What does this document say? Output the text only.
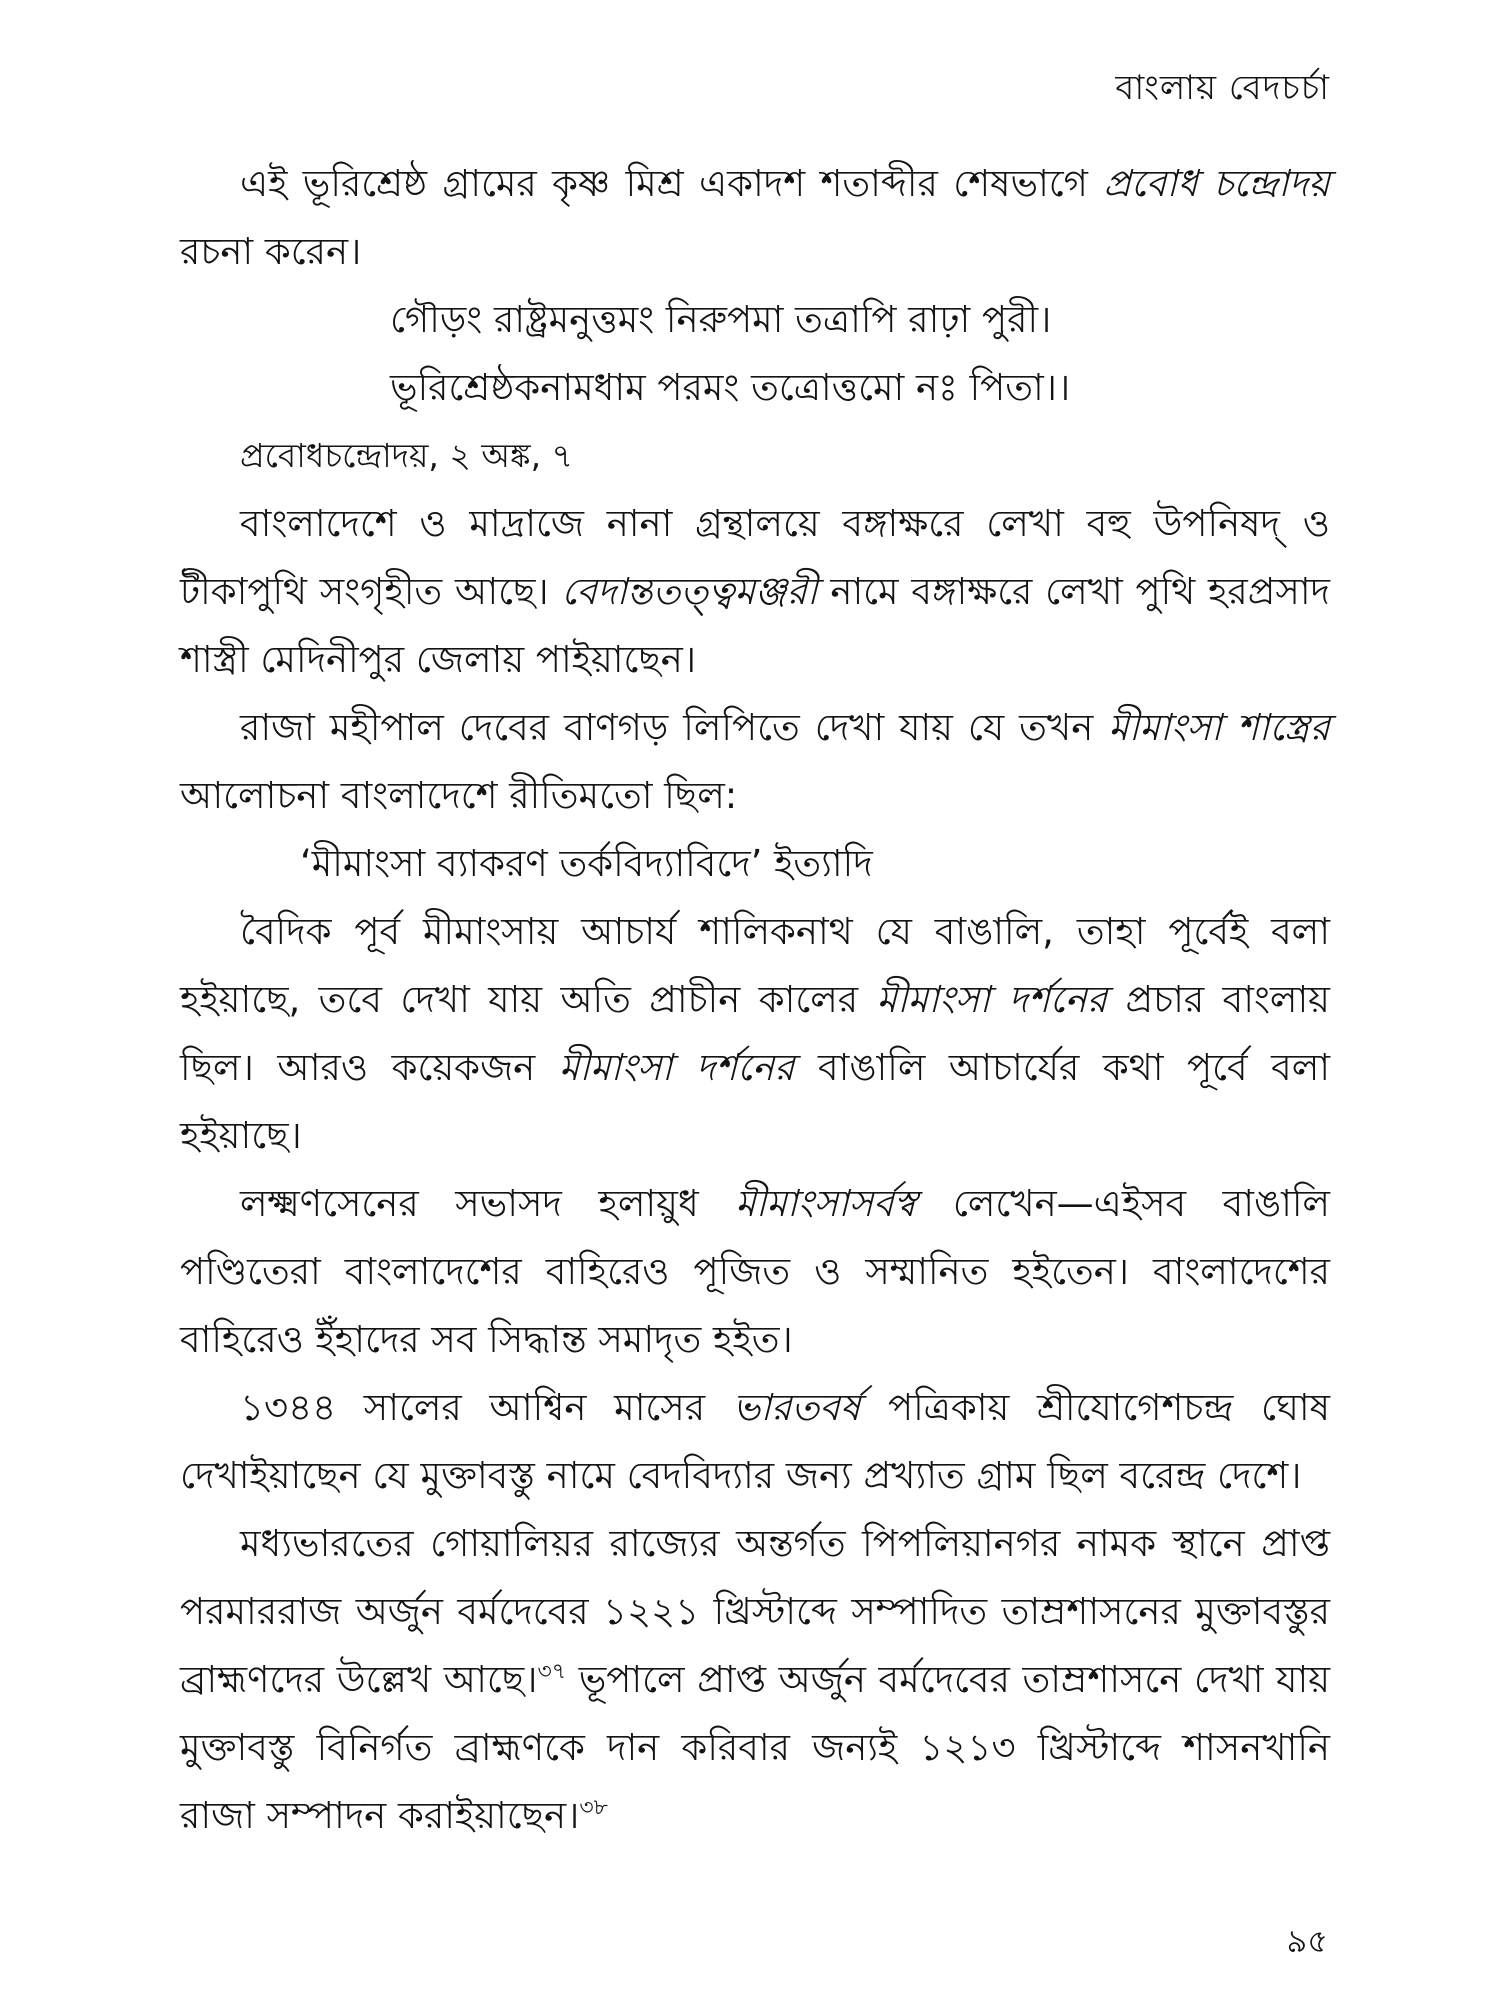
বাংলায় বেদচর্চা

এই ভূরিশ্রেষ্ঠ গ্রামের কৃষ্ণ মিশ্র একাদশ শতাব্দীর শেষভাগে প্রবোধ চন্দ্রোদয় রচনা করেন।

গৌড়ং রাষ্ট্রমনুত্তমং নিরুপমা তত্রাপি রাঢ়া পুরী।

ভূরিশ্রেষ্ঠকনামধাম পরমং তত্রোত্তমো নঃ পিতা।।

প্রবোধচন্দ্রোদয়, ২ অঙ্ক, ৭

বাংলাদেশে ও মাদ্রাজে নানা গ্রন্থালয়ে বঙ্গাক্ষরে লেখা বহু উপনিষদ্ ও টীকাপুথি সংগৃহীত আছে। বেদান্ততত্ত্বমঞ্জরী নামে বঙ্গাক্ষরে লেখা পুথি হরপ্রসাদ শাস্ত্রী মেদিনীপুর জেলায় পাইয়াছেন।

রাজা মহীপাল দেবের বাণগড় লিপিতে দেখা যায় যে তখন মীমাংসা শাস্ত্রের আলোচনা বাংলাদেশে রীতিমতো ছিল:

‘মীমাংসা ব্যাকরণ তর্কবিদ্যাবিদে’ ইত্যাদি

বৈদিক পূর্ব মীমাংসায় আচার্য শালিকনাথ যে বাঙালি, তাহা পূর্বেই বলা হইয়াছে, তবে দেখা যায় অতি প্রাচীন কালের মীমাংসা দর্শনের প্রচার বাংলায় ছিল। আরও কয়েকজন মীমাংসা দর্শনের বাঙালি আচার্যের কথা পূর্বে বলা হইয়াছে।

লক্ষ্মণসেনের সভাসদ হলায়ুধ মীমাংসাসর্বস্ব লেখেন—এইসব বাঙালি পণ্ডিতেরা বাংলাদেশের বাহিরেও পূজিত ও সম্মানিত হইতেন। বাংলাদেশের বাহিরেও ইঁহাদের সব সিদ্ধান্ত সমাদৃত হইত।

১৩৪৪ সালের আশ্বিন মাসের ভারতবর্ষ পত্রিকায় শ্রীযোগেশচন্দ্র ঘোষ দেখাইয়াছেন যে মুক্তাবস্তু নামে বেদবিদ্যার জন্য প্রখ্যাত গ্রাম ছিল বরেন্দ্র দেশে।

মধ্যভারতের গোয়ালিয়র রাজ্যের অন্তর্গত পিপলিয়ানগর নামক স্থানে প্রাপ্ত পরমাররাজ অর্জুন বর্মদেবের ১২২১ খ্রিস্টাব্দে সম্পাদিত তাম্রশাসনের মুক্তাবস্তুর ব্রাহ্মণদের উল্লেখ আছে।$^{৩৭}$ ভূপালে প্রাপ্ত অর্জুন বর্মদেবের তাম্রশাসনে দেখা যায় মুক্তাবস্তু বিনির্গত ব্রাহ্মণকে দান করিবার জন্যই ১২১৩ খ্রিস্টাব্দে শাসনখানি রাজা সম্পাদন করাইয়াছেন।$^{৩৮}$

৯৫
